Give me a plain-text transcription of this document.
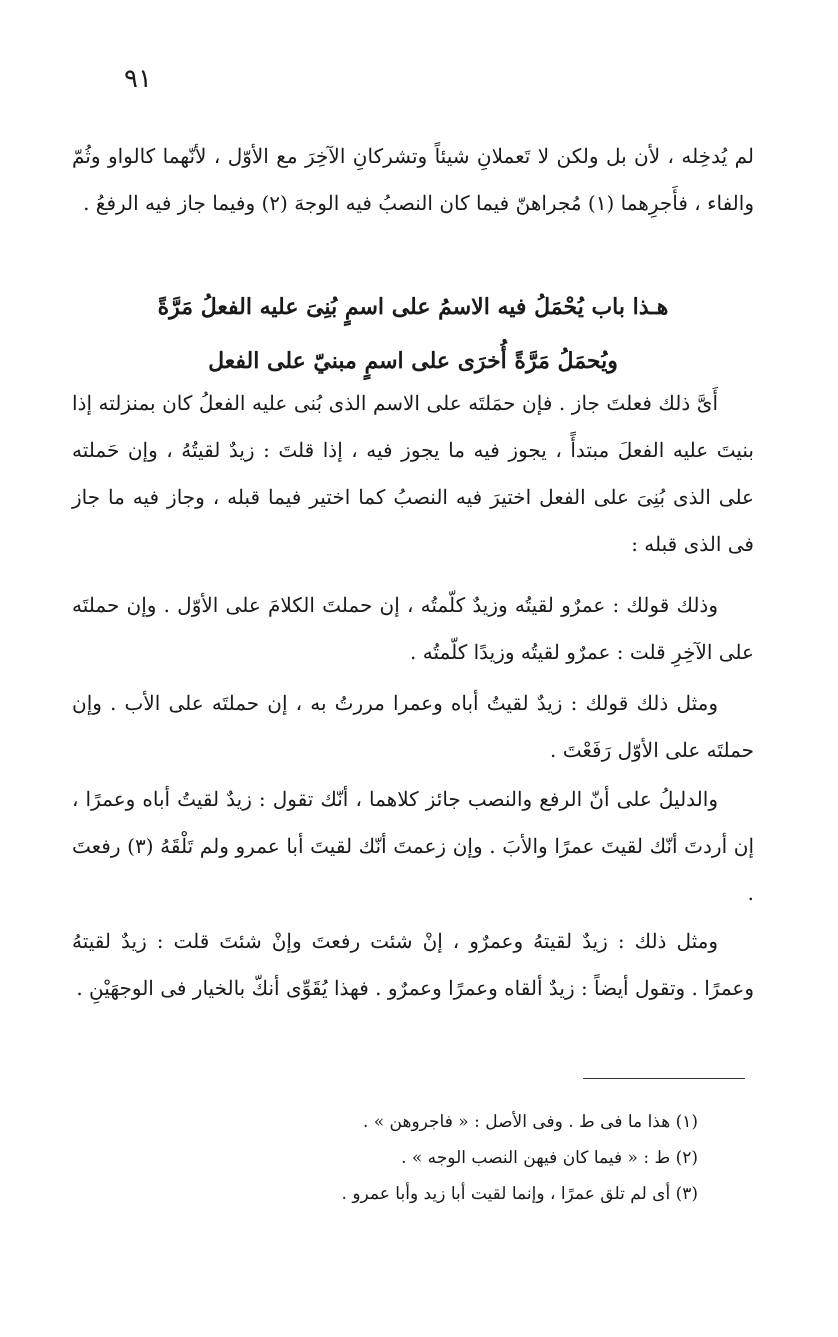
٩١
لم يُدخِله ، لأن بل ولكن لا تَعملانِ شيئاً وتشركانِ الآخِرَ مع الأوّل ، لأنّهما كالواو وثُمّ والفاء ، فأَجرِهما (١) مُجراهنّ فيما كان النصبُ فيه الوجهَ (٢) وفيما جاز فيه الرفعُ .
هـذا باب يُحْمَلُ فيه الاسمُ على اسمٍ بُنِىَ عليه الفعلُ مَرَّةً
ويُحمَلُ مَرَّةً أُخرَى على اسمٍ مبنيّ على الفعل
أَىَّ ذلك فعلتَ جاز . فإن حمَلتَه على الاسم الذى بُنى عليه الفعلُ كان بمنزلته إذا بنيتَ عليه الفعلَ مبتدأً ، يجوز فيه ما يجوز فيه ، إذا قلتَ : زيدٌ لقيتُهُ ، وإن حَملته على الذى بُنِىَ على الفعل اختيرَ فيه النصبُ كما اختير فيما قبله ، وجاز فيه ما جاز فى الذى قبله :
وذلك قولك : عمرٌو لقيتُه وزيدٌ كلّمتُه ، إن حملتَ الكلامَ على الأوّل . وإن حملتَه على الآخِرِ قلت : عمرٌو لقيتُه وزيدًا كلّمتُه .
ومثل ذلك قولك : زيدٌ لقيتُ أباه وعمرا مررتُ به ، إن حملتَه على الأب . وإن حملتَه على الأوّل رَفَعْتَ .
والدليلُ على أنّ الرفع والنصب جائز كلاهما ، أنّك تقول : زيدٌ لقيتُ أباه وعمرًا ، إن أردتَ أنّك لقيتَ عمرًا والأبَ . وإن زعمتَ أنّك لقيتَ أبا عمرو ولم تَلْقَهُ (٣) رفعتَ .
ومثل ذلك : زيدٌ لقيتهُ وعمرٌو ، إنْ شئت رفعتَ وإنْ شئتَ قلت : زيدٌ لقيتهُ وعمرًا . وتقول أيضاً : زيدٌ ألقاه وعمرًا وعمرٌو . فهذا يُقَوِّى أنكّ بالخيار فى الوجهَيْنِ .
(١) هذا ما فى ط . وفى الأصل : « فاجروهن » .
(٢) ط : « فيما كان فيهن النصب الوجه » .
(٣) أى لم تلق عمرًا ، وإنما لقيت أبا زيد وأبا عمرو .
